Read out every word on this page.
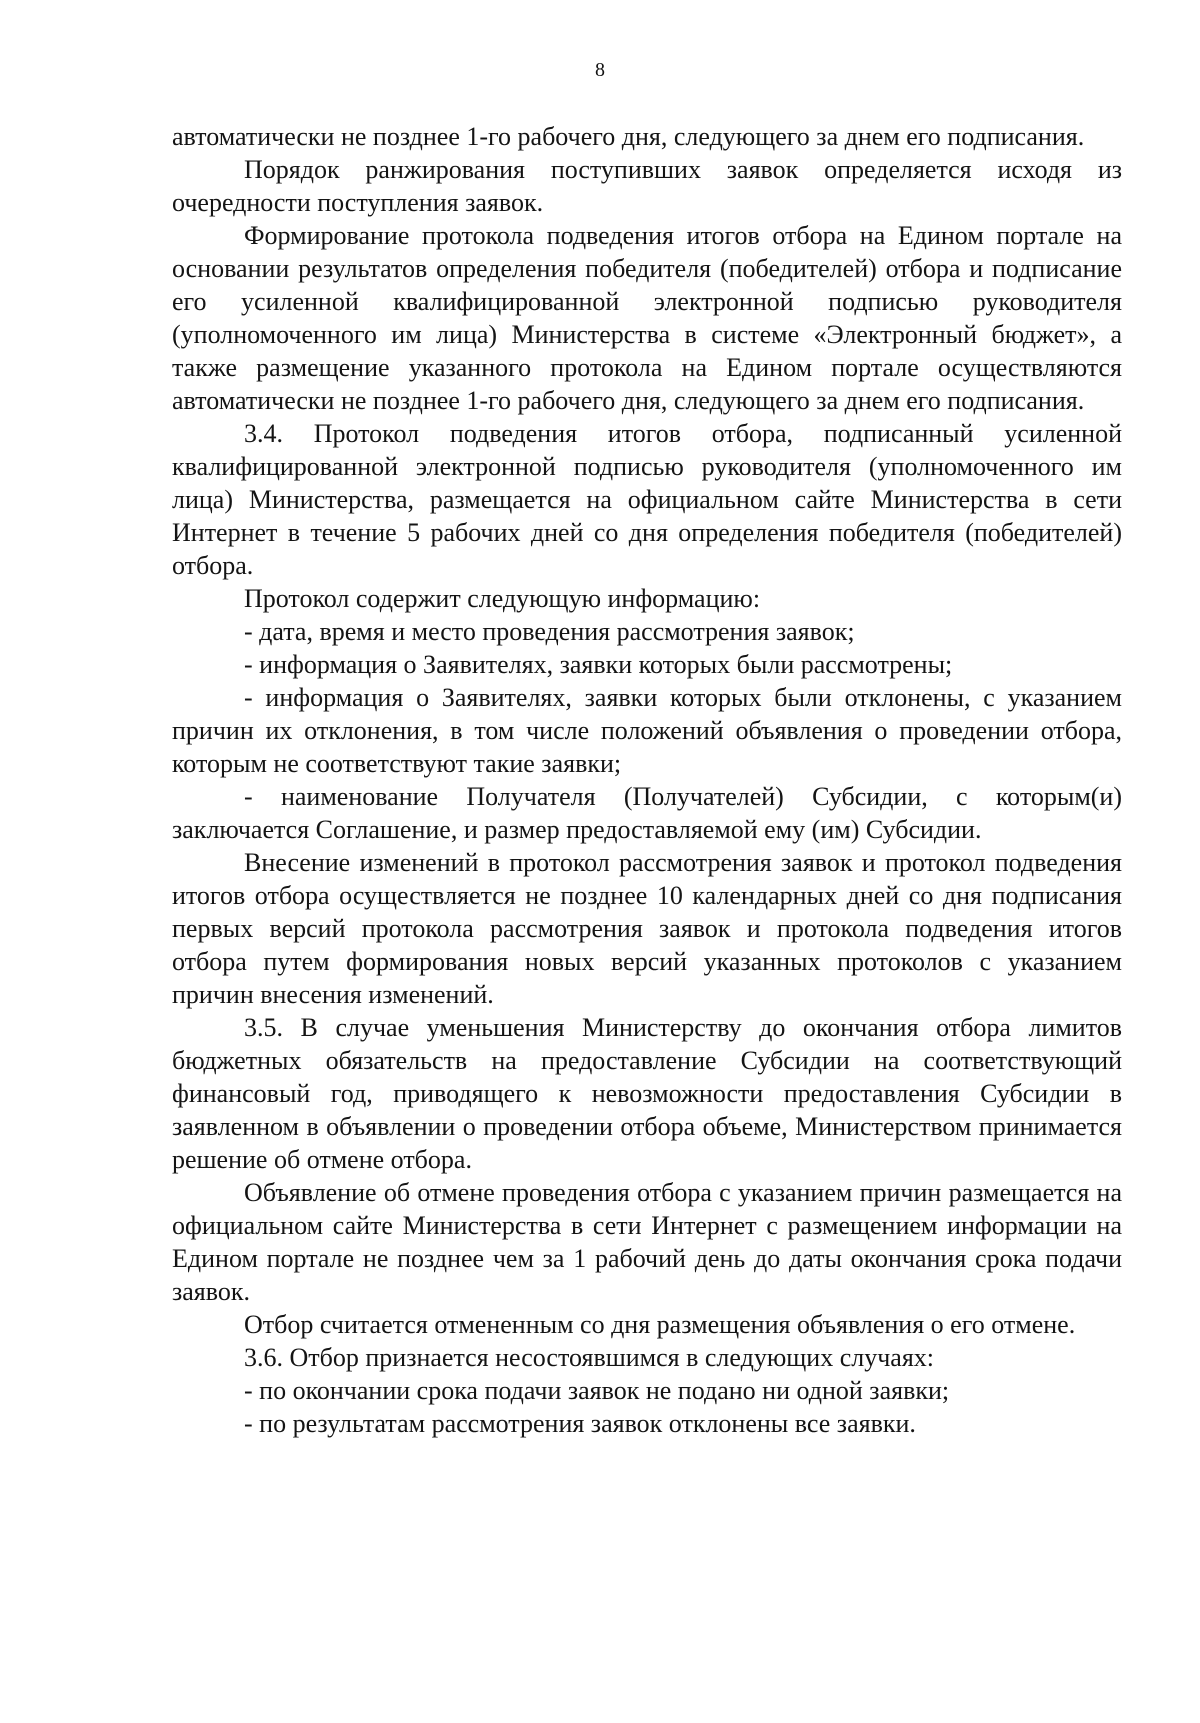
8

автоматически не позднее 1-го рабочего дня, следующего за днем его подписания.

Порядок ранжирования поступивших заявок определяется исходя из очередности поступления заявок.

Формирование протокола подведения итогов отбора на Едином портале на основании результатов определения победителя (победителей) отбора и подписание его усиленной квалифицированной электронной подписью руководителя (уполномоченного им лица) Министерства в системе «Электронный бюджет», а также размещение указанного протокола на Едином портале осуществляются автоматически не позднее 1-го рабочего дня, следующего за днем его подписания.

3.4. Протокол подведения итогов отбора, подписанный усиленной квалифицированной электронной подписью руководителя (уполномоченного им лица) Министерства, размещается на официальном сайте Министерства в сети Интернет в течение 5 рабочих дней со дня определения победителя (победителей) отбора.

Протокол содержит следующую информацию:

- дата, время и место проведения рассмотрения заявок;

- информация о Заявителях, заявки которых были рассмотрены;

- информация о Заявителях, заявки которых были отклонены, с указанием причин их отклонения, в том числе положений объявления о проведении отбора, которым не соответствуют такие заявки;

- наименование Получателя (Получателей) Субсидии, с которым(и) заключается Соглашение, и размер предоставляемой ему (им) Субсидии.

Внесение изменений в протокол рассмотрения заявок и протокол подведения итогов отбора осуществляется не позднее 10 календарных дней со дня подписания первых версий протокола рассмотрения заявок и протокола подведения итогов отбора путем формирования новых версий указанных протоколов с указанием причин внесения изменений.

3.5. В случае уменьшения Министерству до окончания отбора лимитов бюджетных обязательств на предоставление Субсидии на соответствующий финансовый год, приводящего к невозможности предоставления Субсидии в заявленном в объявлении о проведении отбора объеме, Министерством принимается решение об отмене отбора.

Объявление об отмене проведения отбора с указанием причин размещается на официальном сайте Министерства в сети Интернет с размещением информации на Едином портале не позднее чем за 1 рабочий день до даты окончания срока подачи заявок.

Отбор считается отмененным со дня размещения объявления о его отмене.

3.6. Отбор признается несостоявшимся в следующих случаях:

- по окончании срока подачи заявок не подано ни одной заявки;

- по результатам рассмотрения заявок отклонены все заявки.
